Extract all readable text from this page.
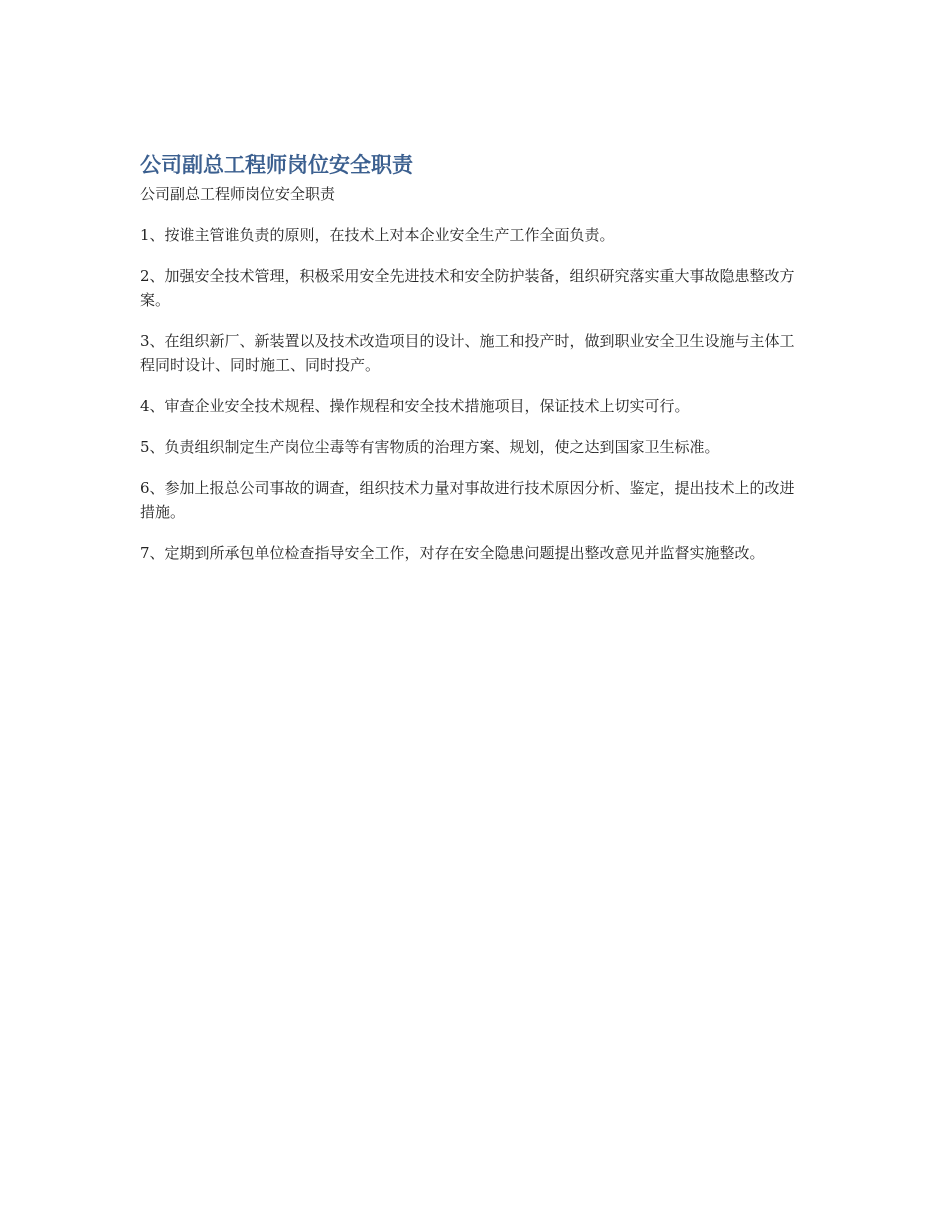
公司副总工程师岗位安全职责

公司副总工程师岗位安全职责

1、按谁主管谁负责的原则，在技术上对本企业安全生产工作全面负责。
2、加强安全技术管理，积极采用安全先进技术和安全防护装备，组织研究落实重大事故隐患整改方案。
3、在组织新厂、新装置以及技术改造项目的设计、施工和投产时，做到职业安全卫生设施与主体工程同时设计、同时施工、同时投产。
4、审查企业安全技术规程、操作规程和安全技术措施项目，保证技术上切实可行。
5、负责组织制定生产岗位尘毒等有害物质的治理方案、规划，使之达到国家卫生标准。
6、参加上报总公司事故的调查，组织技术力量对事故进行技术原因分析、鉴定，提出技术上的改进措施。
7、定期到所承包单位检查指导安全工作，对存在安全隐患问题提出整改意见并监督实施整改。
